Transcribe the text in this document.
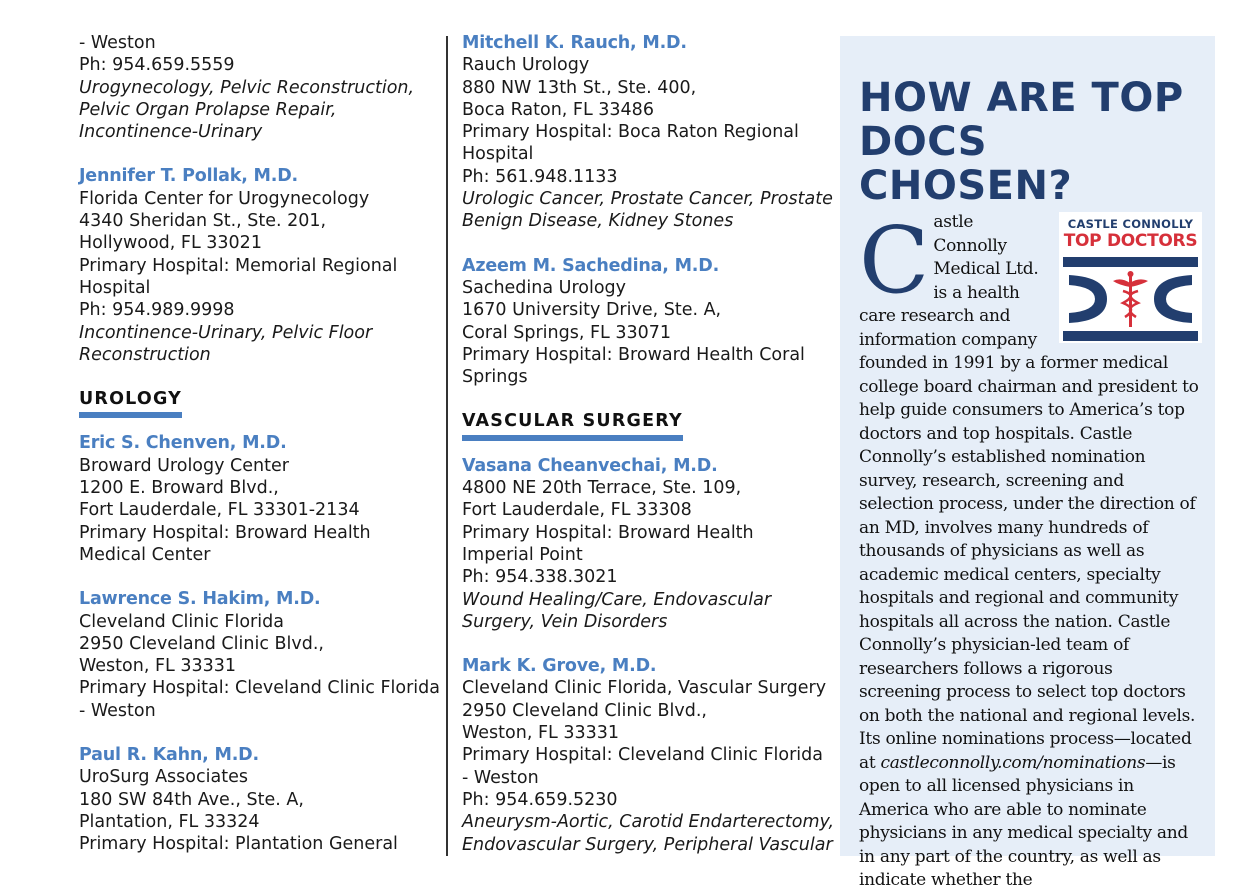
- Weston
Ph: 954.659.5559
Urogynecology, Pelvic Reconstruction,
Pelvic Organ Prolapse Repair,
Incontinence-Urinary
Jennifer T. Pollak, M.D.
Florida Center for Urogynecology
4340 Sheridan St., Ste. 201,
Hollywood, FL 33021
Primary Hospital: Memorial Regional
Hospital
Ph: 954.989.9998
Incontinence-Urinary, Pelvic Floor
Reconstruction
UROLOGY
Eric S. Chenven, M.D.
Broward Urology Center
1200 E. Broward Blvd.,
Fort Lauderdale, FL 33301-2134
Primary Hospital: Broward Health
Medical Center
Lawrence S. Hakim, M.D.
Cleveland Clinic Florida
2950 Cleveland Clinic Blvd.,
Weston, FL 33331
Primary Hospital: Cleveland Clinic Florida
- Weston
Paul R. Kahn, M.D.
UroSurg Associates
180 SW 84th Ave., Ste. A,
Plantation, FL 33324
Primary Hospital: Plantation General
Mitchell K. Rauch, M.D.
Rauch Urology
880 NW 13th St., Ste. 400,
Boca Raton, FL 33486
Primary Hospital: Boca Raton Regional
Hospital
Ph: 561.948.1133
Urologic Cancer, Prostate Cancer, Prostate
Benign Disease, Kidney Stones
Azeem M. Sachedina, M.D.
Sachedina Urology
1670 University Drive, Ste. A,
Coral Springs, FL 33071
Primary Hospital: Broward Health Coral
Springs
VASCULAR SURGERY
Vasana Cheanvechai, M.D.
4800 NE 20th Terrace, Ste. 109,
Fort Lauderdale, FL 33308
Primary Hospital: Broward Health
Imperial Point
Ph: 954.338.3021
Wound Healing/Care, Endovascular
Surgery, Vein Disorders
Mark K. Grove, M.D.
Cleveland Clinic Florida, Vascular Surgery
2950 Cleveland Clinic Blvd.,
Weston, FL 33331
Primary Hospital: Cleveland Clinic Florida
- Weston
Ph: 954.659.5230
Aneurysm-Aortic, Carotid Endarterectomy,
Endovascular Surgery, Peripheral Vascular
HOW ARE TOP
DOCS CHOSEN?
CASTLE CONNOLLY
TOP DOCTORS
C astle Connolly Medical Ltd. is a health care research and information company founded in 1991 by a former medical college board chairman and president to help guide consumers to America’s top doctors and top hospitals. Castle Connolly’s established nomination survey, research, screening and selection process, under the direction of an MD, involves many hundreds of thousands of physicians as well as academic medical centers, specialty hospitals and regional and community hospitals all across the nation. Castle Connolly’s physician-led team of researchers follows a rigorous screening process to select top doctors on both the national and regional levels. Its online nominations process—located at castleconnolly.com/nominations—is open to all licensed physicians in America who are able to nominate physicians in any medical specialty and in any part of the country, as well as indicate whether the
